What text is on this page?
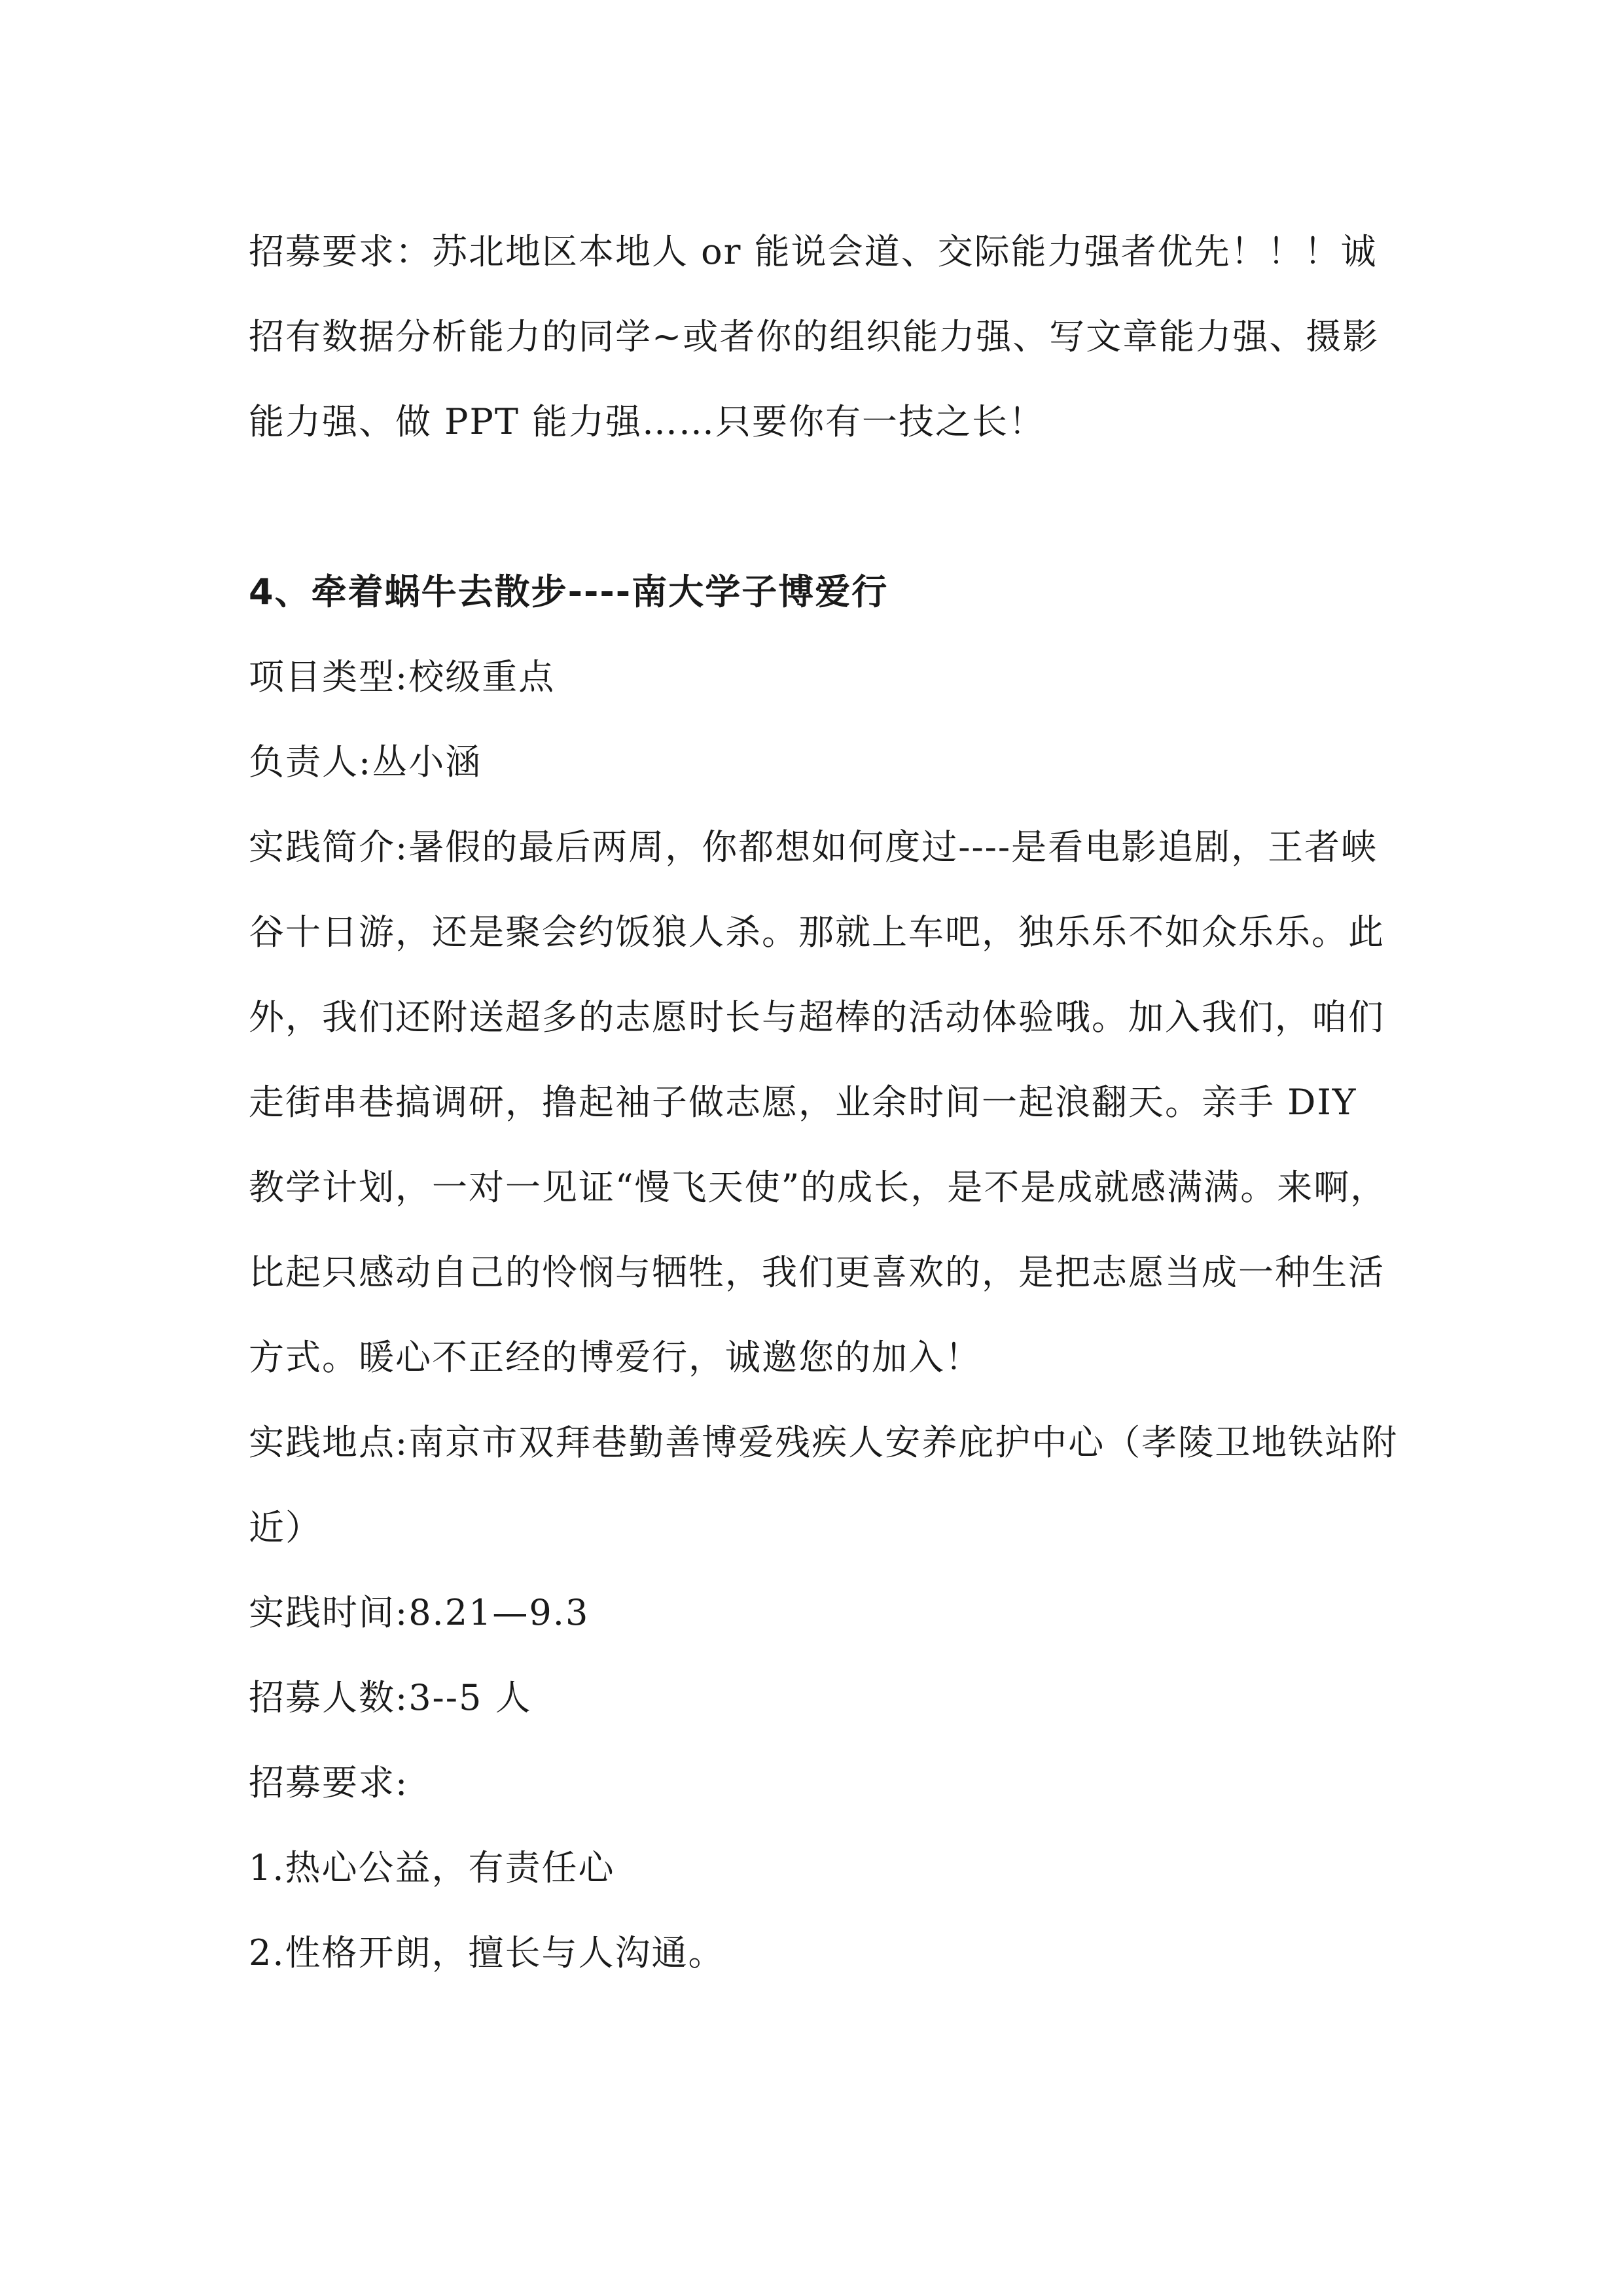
招募要求：苏北地区本地人 or 能说会道、交际能力强者优先！！！诚招有数据分析能力的同学~或者你的组织能力强、写文章能力强、摄影能力强、做 PPT 能力强……只要你有一技之长！

4、牵着蜗牛去散步----南大学子博爱行

项目类型:校级重点

负责人:丛小涵

实践简介:暑假的最后两周，你都想如何度过----是看电影追剧，王者峡谷十日游，还是聚会约饭狼人杀。那就上车吧，独乐乐不如众乐乐。此外，我们还附送超多的志愿时长与超棒的活动体验哦。加入我们，咱们走街串巷搞调研，撸起袖子做志愿，业余时间一起浪翻天。亲手 DIY 教学计划，一对一见证“慢飞天使”的成长，是不是成就感满满。来啊，比起只感动自己的怜悯与牺牲，我们更喜欢的，是把志愿当成一种生活方式。暖心不正经的博爱行，诚邀您的加入！

实践地点:南京市双拜巷勤善博爱残疾人安养庇护中心（孝陵卫地铁站附近）

实践时间:8.21—9.3

招募人数:3--5 人

招募要求:

1.热心公益，有责任心

2.性格开朗，擅长与人沟通。
